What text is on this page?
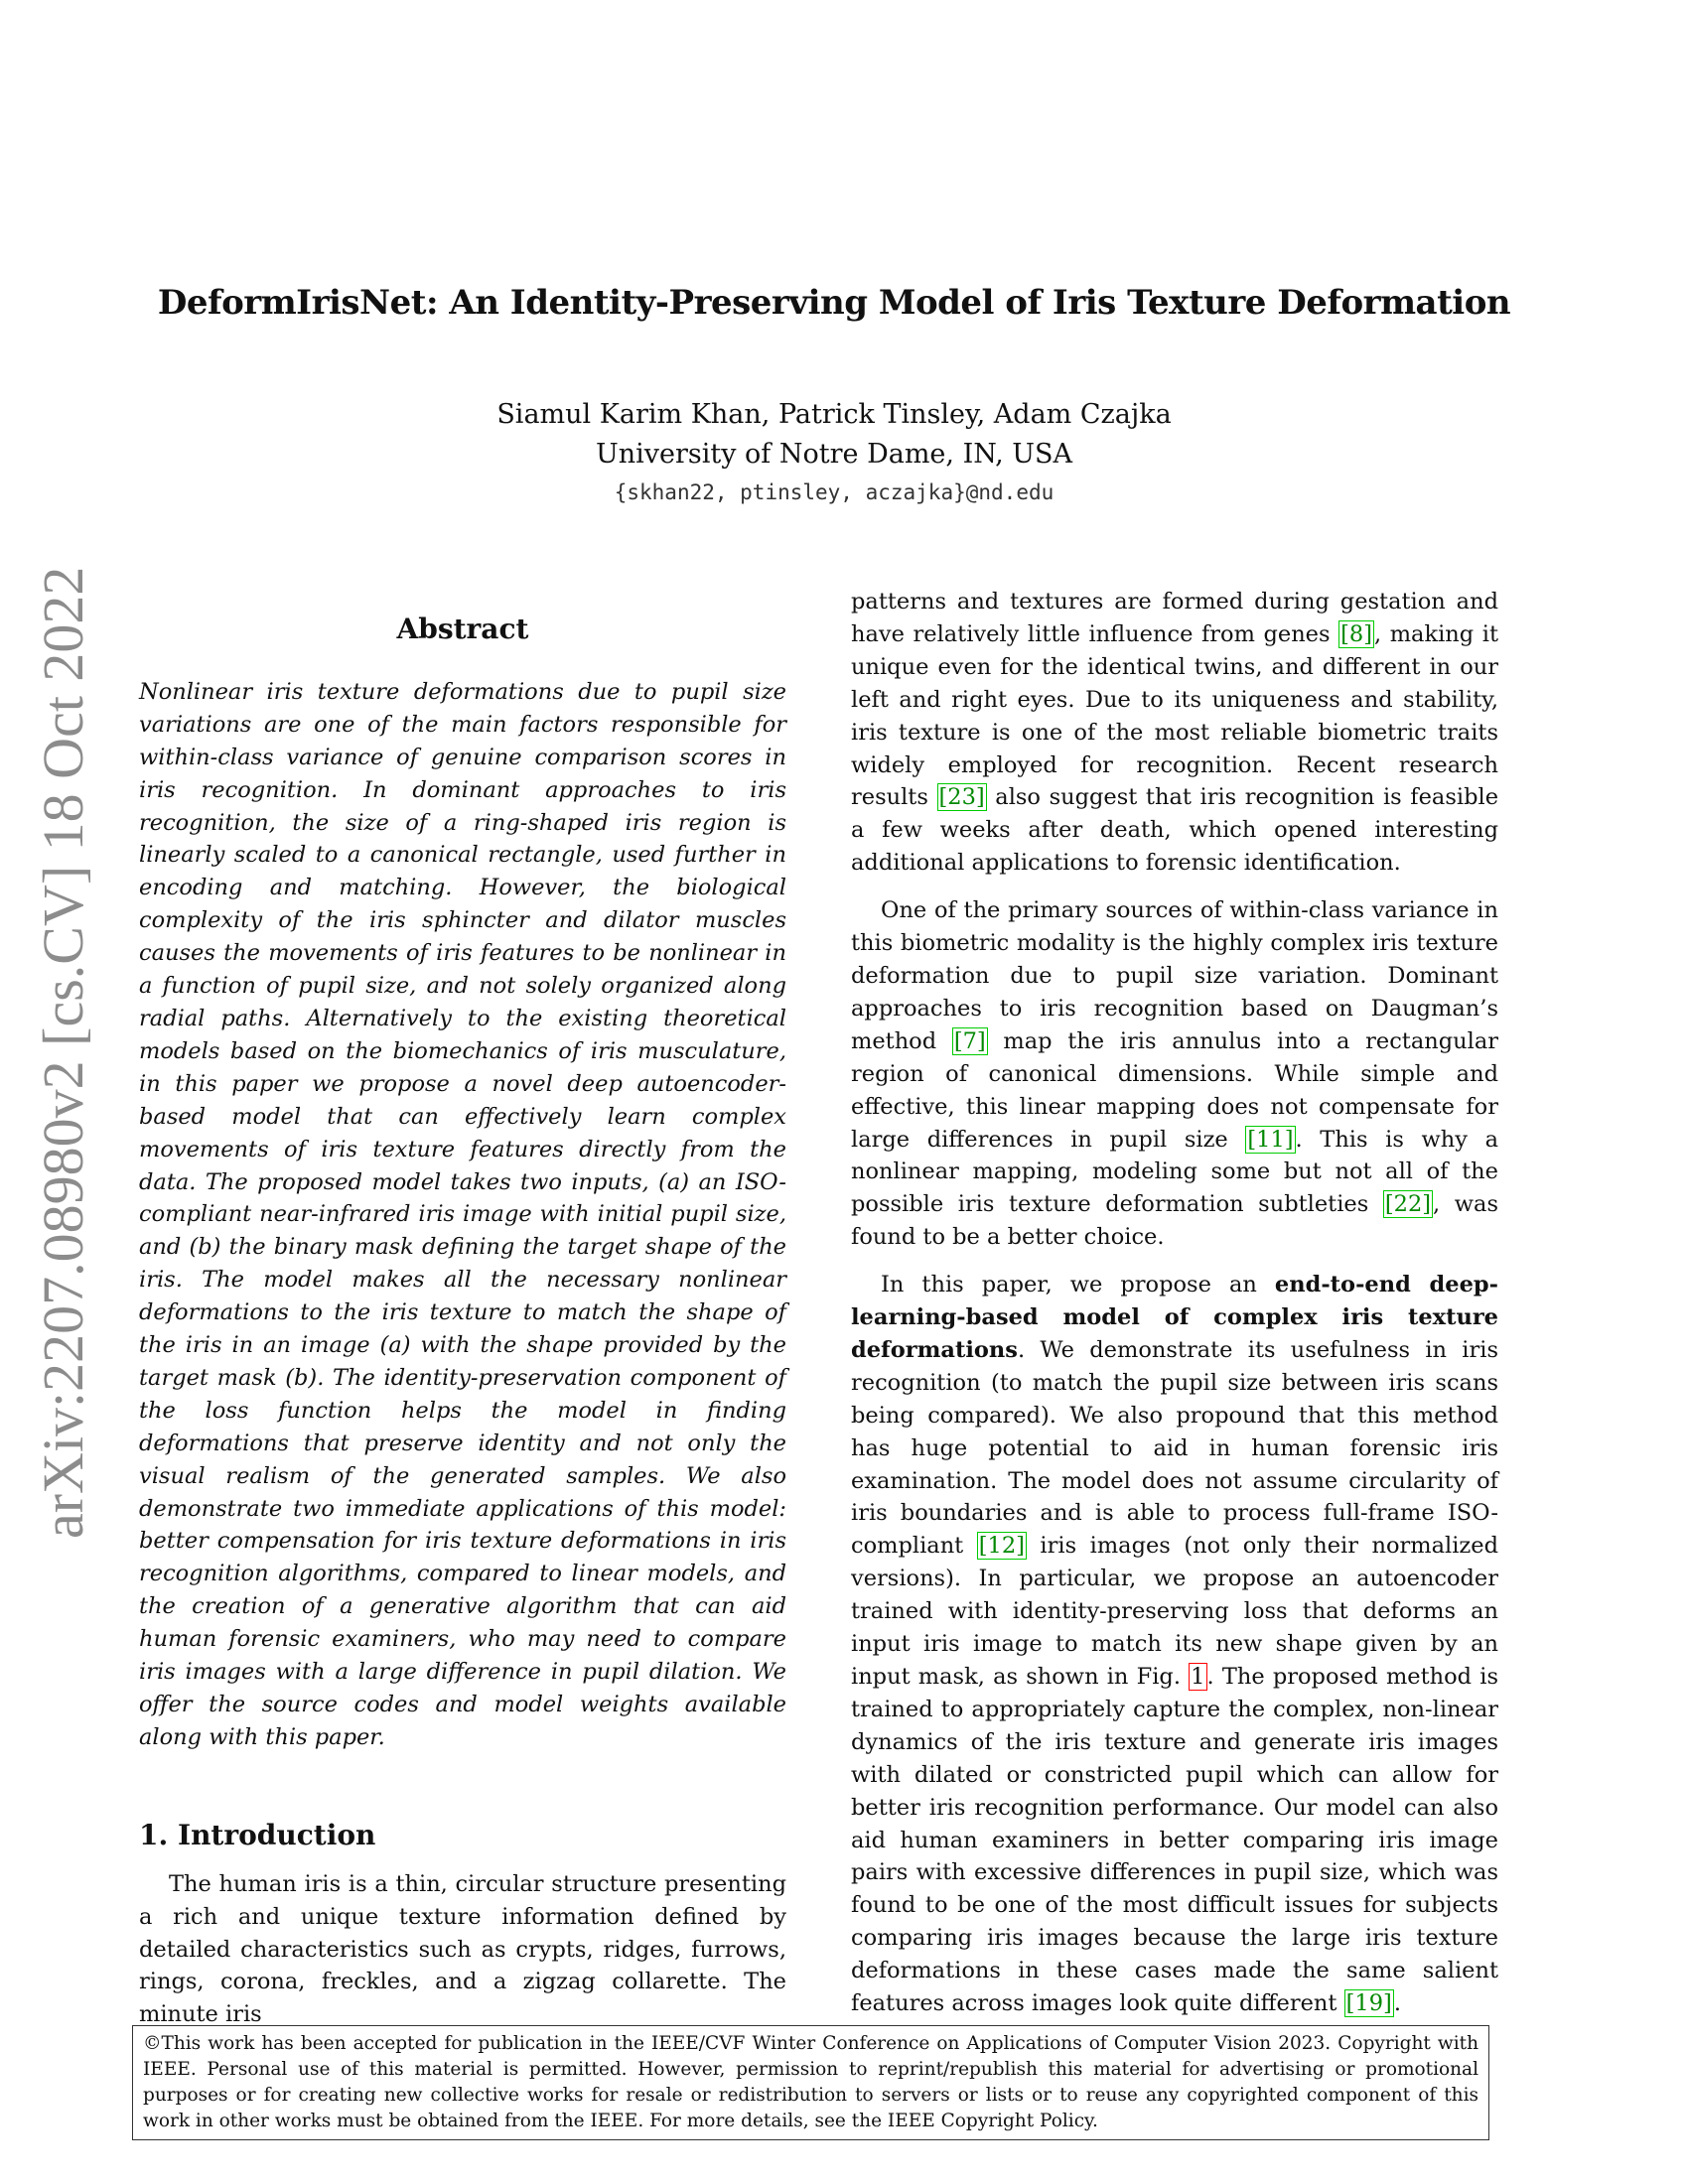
arXiv:2207.08980v2 [cs.CV] 18 Oct 2022
DeformIrisNet: An Identity-Preserving Model of Iris Texture Deformation
Siamul Karim Khan, Patrick Tinsley, Adam Czajka
University of Notre Dame, IN, USA
{skhan22, ptinsley, aczajka}@nd.edu
Abstract

Nonlinear iris texture deformations due to pupil size variations are one of the main factors responsible for within-class variance of genuine comparison scores in iris recognition. In dominant approaches to iris recognition, the size of a ring-shaped iris region is linearly scaled to a canonical rectangle, used further in encoding and matching. However, the biological complexity of the iris sphincter and dilator muscles causes the movements of iris features to be nonlinear in a function of pupil size, and not solely organized along radial paths. Alternatively to the existing theoretical models based on the biomechanics of iris musculature, in this paper we propose a novel deep autoencoder-based model that can effectively learn complex movements of iris texture features directly from the data. The proposed model takes two inputs, (a) an ISO-compliant near-infrared iris image with initial pupil size, and (b) the binary mask defining the target shape of the iris. The model makes all the necessary nonlinear deformations to the iris texture to match the shape of the iris in an image (a) with the shape provided by the target mask (b). The identity-preservation component of the loss function helps the model in finding deformations that preserve identity and not only the visual realism of the generated samples. We also demonstrate two immediate applications of this model: better compensation for iris texture deformations in iris recognition algorithms, compared to linear models, and the creation of a generative algorithm that can aid human forensic examiners, who may need to compare iris images with a large difference in pupil dilation. We offer the source codes and model weights available along with this paper.

1. Introduction

The human iris is a thin, circular structure presenting a rich and unique texture information defined by detailed characteristics such as crypts, ridges, furrows, rings, corona, freckles, and a zigzag collarette. The minute iris

patterns and textures are formed during gestation and have relatively little influence from genes [8], making it unique even for the identical twins, and different in our left and right eyes. Due to its uniqueness and stability, iris texture is one of the most reliable biometric traits widely employed for recognition. Recent research results [23] also suggest that iris recognition is feasible a few weeks after death, which opened interesting additional applications to forensic identification.

One of the primary sources of within-class variance in this biometric modality is the highly complex iris texture deformation due to pupil size variation. Dominant approaches to iris recognition based on Daugman’s method [7] map the iris annulus into a rectangular region of canonical dimensions. While simple and effective, this linear mapping does not compensate for large differences in pupil size [11]. This is why a nonlinear mapping, modeling some but not all of the possible iris texture deformation subtleties [22], was found to be a better choice.

In this paper, we propose an end-to-end deep-learning-based model of complex iris texture deformations. We demonstrate its usefulness in iris recognition (to match the pupil size between iris scans being compared). We also propound that this method has huge potential to aid in human forensic iris examination. The model does not assume circularity of iris boundaries and is able to process full-frame ISO-compliant [12] iris images (not only their normalized versions). In particular, we propose an autoencoder trained with identity-preserving loss that deforms an input iris image to match its new shape given by an input mask, as shown in Fig. 1. The proposed method is trained to appropriately capture the complex, non-linear dynamics of the iris texture and generate iris images with dilated or constricted pupil which can allow for better iris recognition performance. Our model can also aid human examiners in better comparing iris image pairs with excessive differences in pupil size, which was found to be one of the most difficult issues for subjects comparing iris images because the large iris texture deformations in these cases made the same salient features across images look quite different [19].

©This work has been accepted for publication in the IEEE/CVF Winter Conference on Applications of Computer Vision 2023. Copyright with IEEE. Personal use of this material is permitted. However, permission to reprint/republish this material for advertising or promotional purposes or for creating new collective works for resale or redistribution to servers or lists or to reuse any copyrighted component of this work in other works must be obtained from the IEEE. For more details, see the IEEE Copyright Policy.
